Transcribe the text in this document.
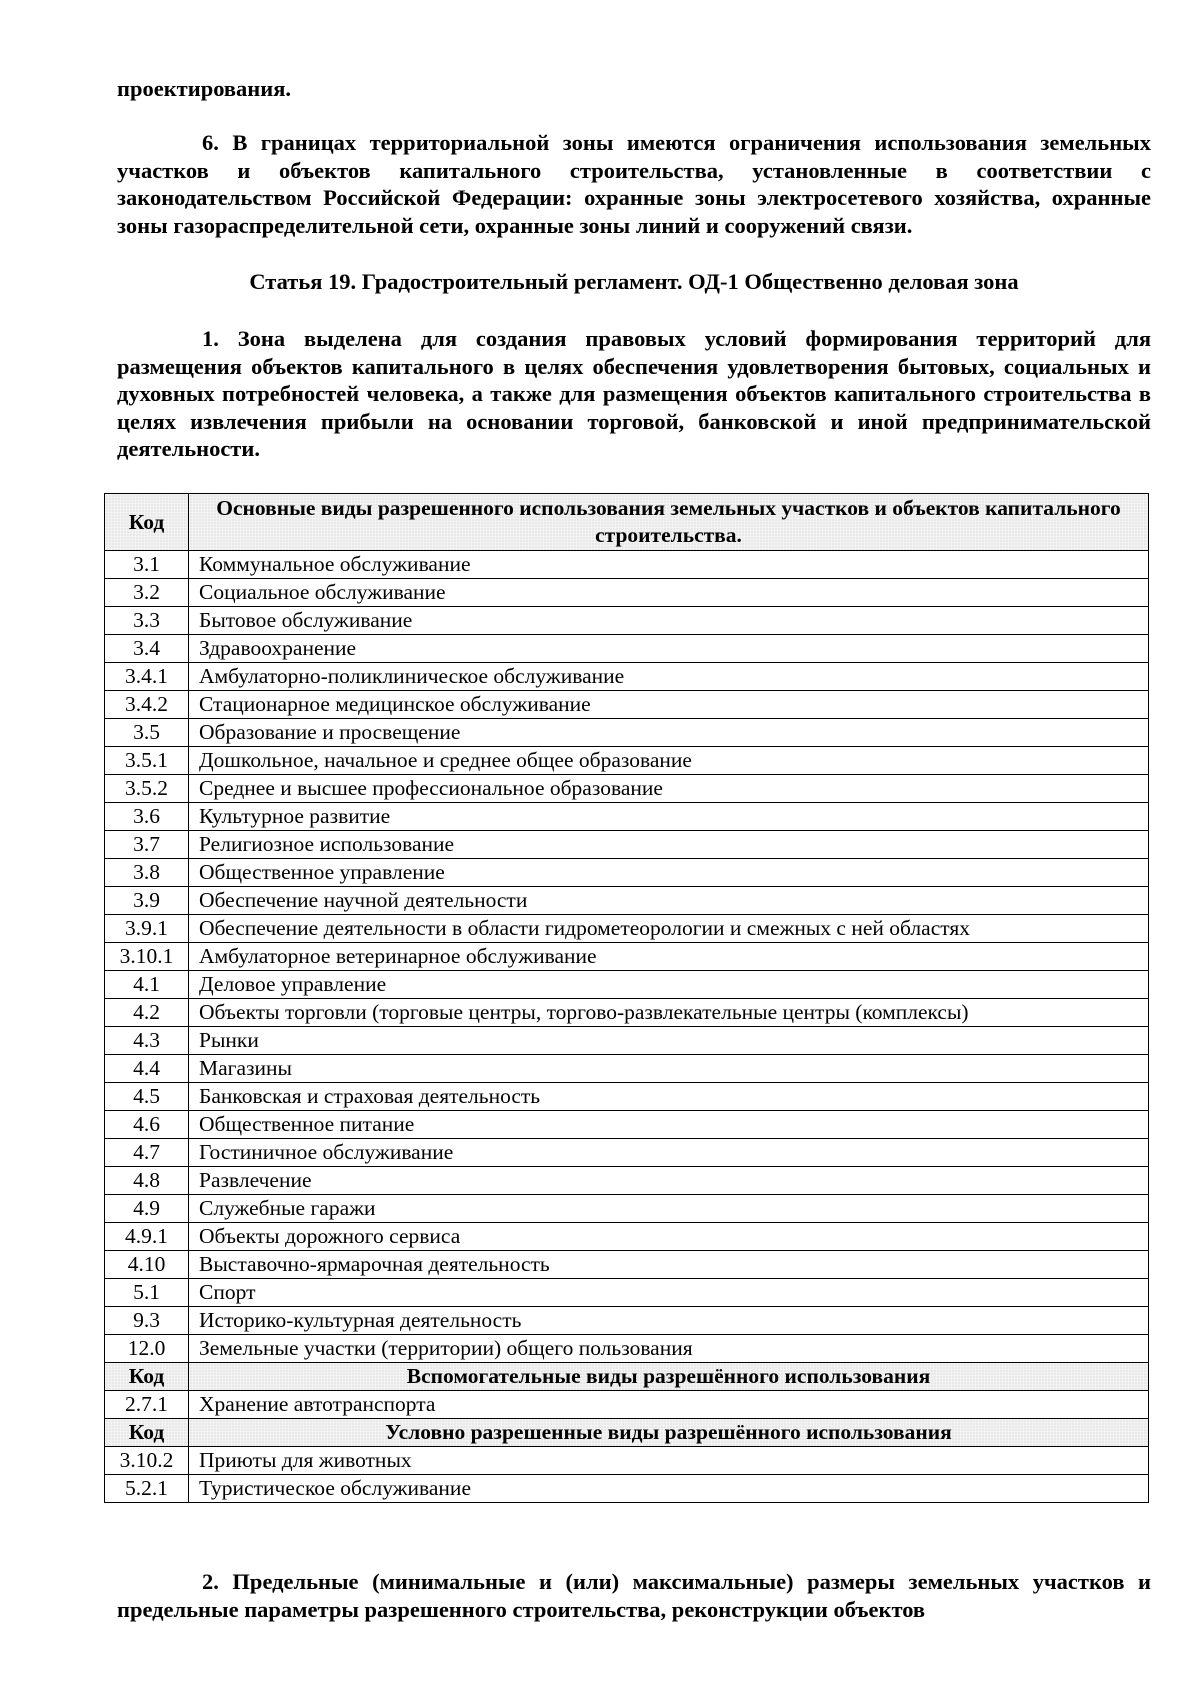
проектирования.

6. В границах территориальной зоны имеются ограничения использования земельных участков и объектов капитального строительства, установленные в соответствии с законодательством Российской Федерации: охранные зоны электросетевого хозяйства, охранные зоны газораспределительной сети, охранные зоны линий и сооружений связи.

Статья 19. Градостроительный регламент. ОД-1 Общественно деловая зона

1. Зона выделена для создания правовых условий формирования территорий для размещения объектов капитального в целях обеспечения удовлетворения бытовых, социальных и духовных потребностей человека, а также для размещения объектов капитального строительства в целях извлечения прибыли на основании торговой, банковской и иной предпринимательской деятельности.

Код	Основные виды разрешенного использования земельных участков и объектов капитального строительства.
3.1	Коммунальное обслуживание
3.2	Социальное обслуживание
3.3	Бытовое обслуживание
3.4	Здравоохранение
3.4.1	Амбулаторно-поликлиническое обслуживание
3.4.2	Стационарное медицинское обслуживание
3.5	Образование и просвещение
3.5.1	Дошкольное, начальное и среднее общее образование
3.5.2	Среднее и высшее профессиональное образование
3.6	Культурное развитие
3.7	Религиозное использование
3.8	Общественное управление
3.9	Обеспечение научной деятельности
3.9.1	Обеспечение деятельности в области гидрометеорологии и смежных с ней областях
3.10.1	Амбулаторное ветеринарное обслуживание
4.1	Деловое управление
4.2	Объекты торговли (торговые центры, торгово-развлекательные центры (комплексы)
4.3	Рынки
4.4	Магазины
4.5	Банковская и страховая деятельность
4.6	Общественное питание
4.7	Гостиничное обслуживание
4.8	Развлечение
4.9	Служебные гаражи
4.9.1	Объекты дорожного сервиса
4.10	Выставочно-ярмарочная деятельность
5.1	Спорт
9.3	Историко-культурная деятельность
12.0	Земельные участки (территории) общего пользования
Код	Вспомогательные виды разрешённого использования
2.7.1	Хранение автотранспорта
Код	Условно разрешенные виды разрешённого использования
3.10.2	Приюты для животных
5.2.1	Туристическое обслуживание

2. Предельные (минимальные и (или) максимальные) размеры земельных участков и предельные параметры разрешенного строительства, реконструкции объектов
